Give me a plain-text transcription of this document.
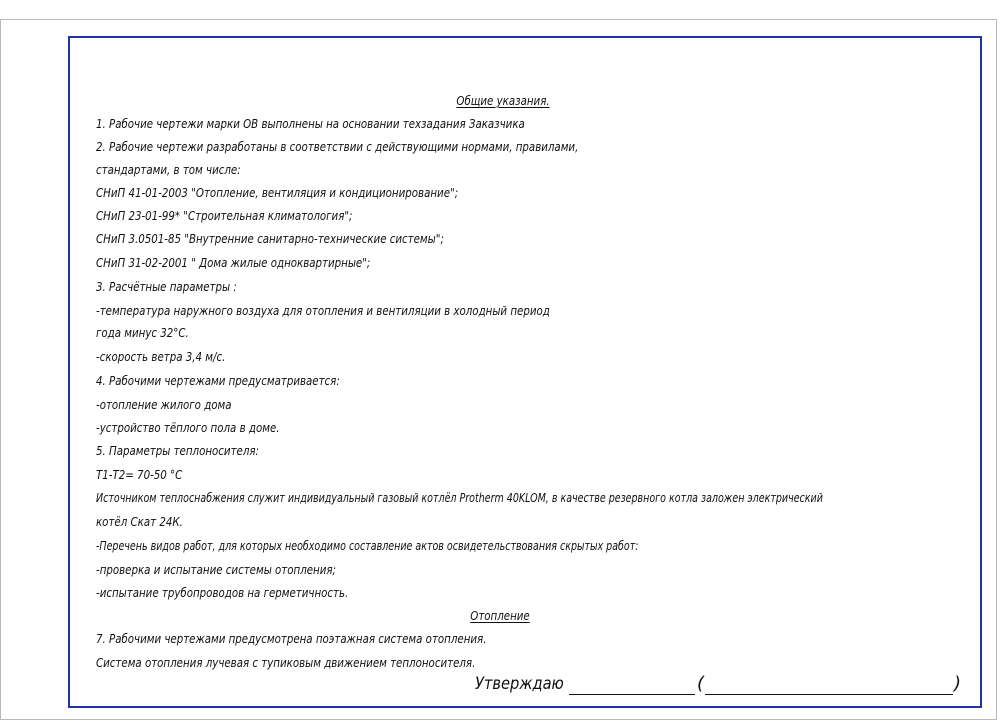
Общие указания.

1. Рабочие чертежи марки ОВ выполнены на основании техзадания Заказчика

2. Рабочие чертежи разработаны в соответствии с действующими нормами, правилами,

стандартами, в том числе:

СНиП 41-01-2003 "Отопление, вентиляция и кондиционирование";

СНиП 23-01-99* "Строительная климатология";

СНиП 3.0501-85 "Внутренние санитарно-технические системы";

СНиП 31-02-2001 " Дома жилые одноквартирные";

3. Расчётные параметры :

-температура наружного воздуха для отопления и вентиляции в холодный период

года минус 32°С.

-скорость ветра 3,4 м/с.

4. Рабочими чертежами предусматривается:

-отопление жилого дома

-устройство тёплого пола в доме.

5. Параметры теплоносителя:

Т1-Т2= 70-50 °С

Источником теплоснабжения служит индивидуальный газовый котлёл Protherm 40KLOM, в качестве резервного котла заложен электрический

котёл Скат 24К.

-Перечень видов работ, для которых необходимо составление актов освидетельствования скрытых работ:

-проверка и испытание системы отопления;

-испытание трубопроводов на герметичность.

Отопление

7. Рабочими чертежами предусмотрена поэтажная система отопления.

Система отопления лучевая с тупиковым движением теплоносителя.

Утверждаю	(	)
